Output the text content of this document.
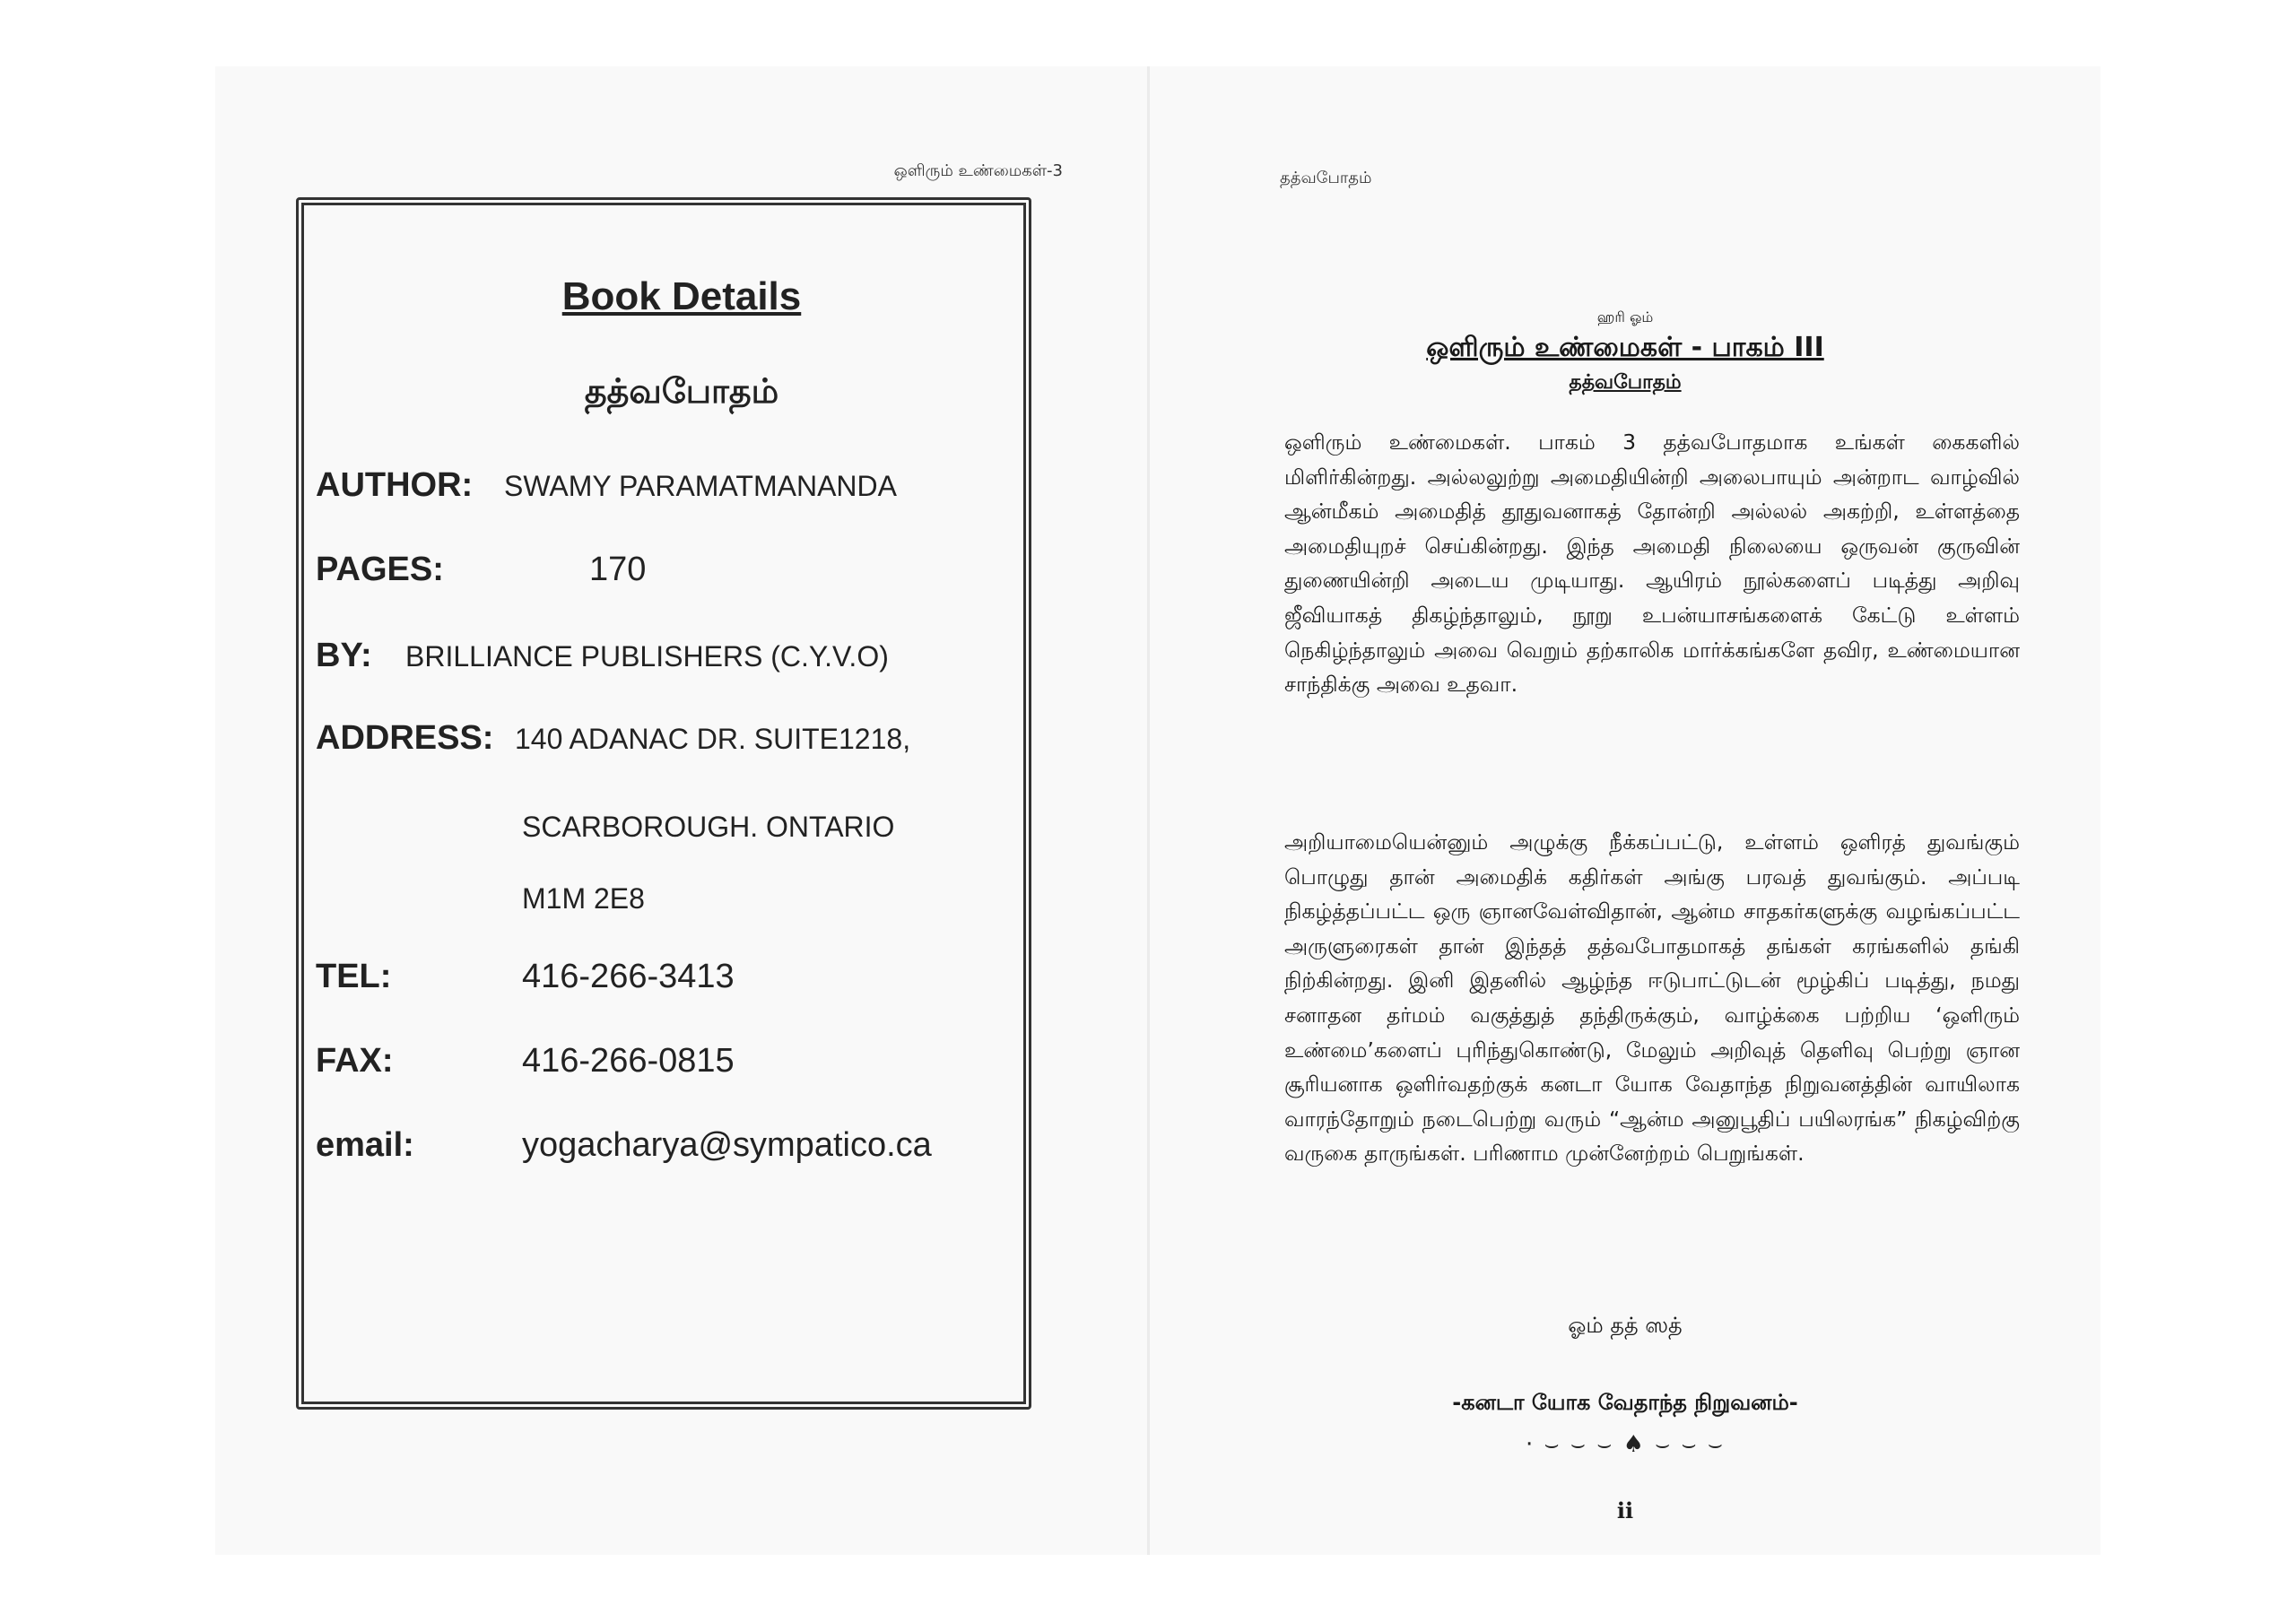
ஒளிரும் உண்மைகள்-3
Book Details
தத்வபோதம்
AUTHOR: SWAMY PARAMATMANANDA
PAGES:	170
BY: BRILLIANCE PUBLISHERS (C.Y.V.O)
ADDRESS: 140 ADANAC DR. SUITE1218,
SCARBOROUGH. ONTARIO
M1M 2E8
TEL:	416-266-3413
FAX:	416-266-0815
email:	yogacharya@sympatico.ca
தத்வபோதம்
ஹரி ஓம்
ஒளிரும் உண்மைகள் - பாகம் III
தத்வபோதம்
ஒளிரும் உண்மைகள். பாகம் 3 தத்வபோதமாக உங்கள் கைகளில் மிளிர்கின்றது. அல்லலுற்று அமைதியின்றி அலைபாயும் அன்றாட வாழ்வில் ஆன்மீகம் அமைதித் தூதுவனாகத் தோன்றி அல்லல் அகற்றி, உள்ளத்தை அமைதியுறச் செய்கின்றது. இந்த அமைதி நிலையை ஒருவன் குருவின் துணையின்றி அடைய முடியாது. ஆயிரம் நூல்களைப் படித்து அறிவு ஜீவியாகத் திகழ்ந்தாலும், நூறு உபன்யாசங்களைக் கேட்டு உள்ளம் நெகிழ்ந்தாலும் அவை வெறும் தற்காலிக மார்க்கங்களே தவிர, உண்மையான சாந்திக்கு அவை உதவா.
அறியாமையென்னும் அழுக்கு நீக்கப்பட்டு, உள்ளம் ஒளிரத் துவங்கும் பொழுது தான் அமைதிக் கதிர்கள் அங்கு பரவத் துவங்கும். அப்படி நிகழ்த்தப்பட்ட ஒரு ஞானவேள்விதான், ஆன்ம சாதகர்களுக்கு வழங்கப்பட்ட அருளுரைகள் தான் இந்தத் தத்வபோதமாகத் தங்கள் கரங்களில் தங்கி நிற்கின்றது. இனி இதனில் ஆழ்ந்த ஈடுபாட்டுடன் மூழ்கிப் படித்து, நமது சனாதன தர்மம் வகுத்துத் தந்திருக்கும், வாழ்க்கை பற்றிய ‘ஒளிரும் உண்மை’களைப் புரிந்துகொண்டு, மேலும் அறிவுத் தெளிவு பெற்று ஞான சூரியனாக ஒளிர்வதற்குக் கனடா யோக வேதாந்த நிறுவனத்தின் வாயிலாக வாரந்தோறும் நடைபெற்று வரும் “ஆன்ம அனுபூதிப் பயிலரங்க” நிகழ்விற்கு வருகை தாருங்கள். பரிணாம முன்னேற்றம் பெறுங்கள்.
ஓம் தத் ஸத்
-கனடா யோக வேதாந்த நிறுவனம்-
· ⌣ ⌣ ⌣ ♠ ⌣ ⌣ ⌣
ii
